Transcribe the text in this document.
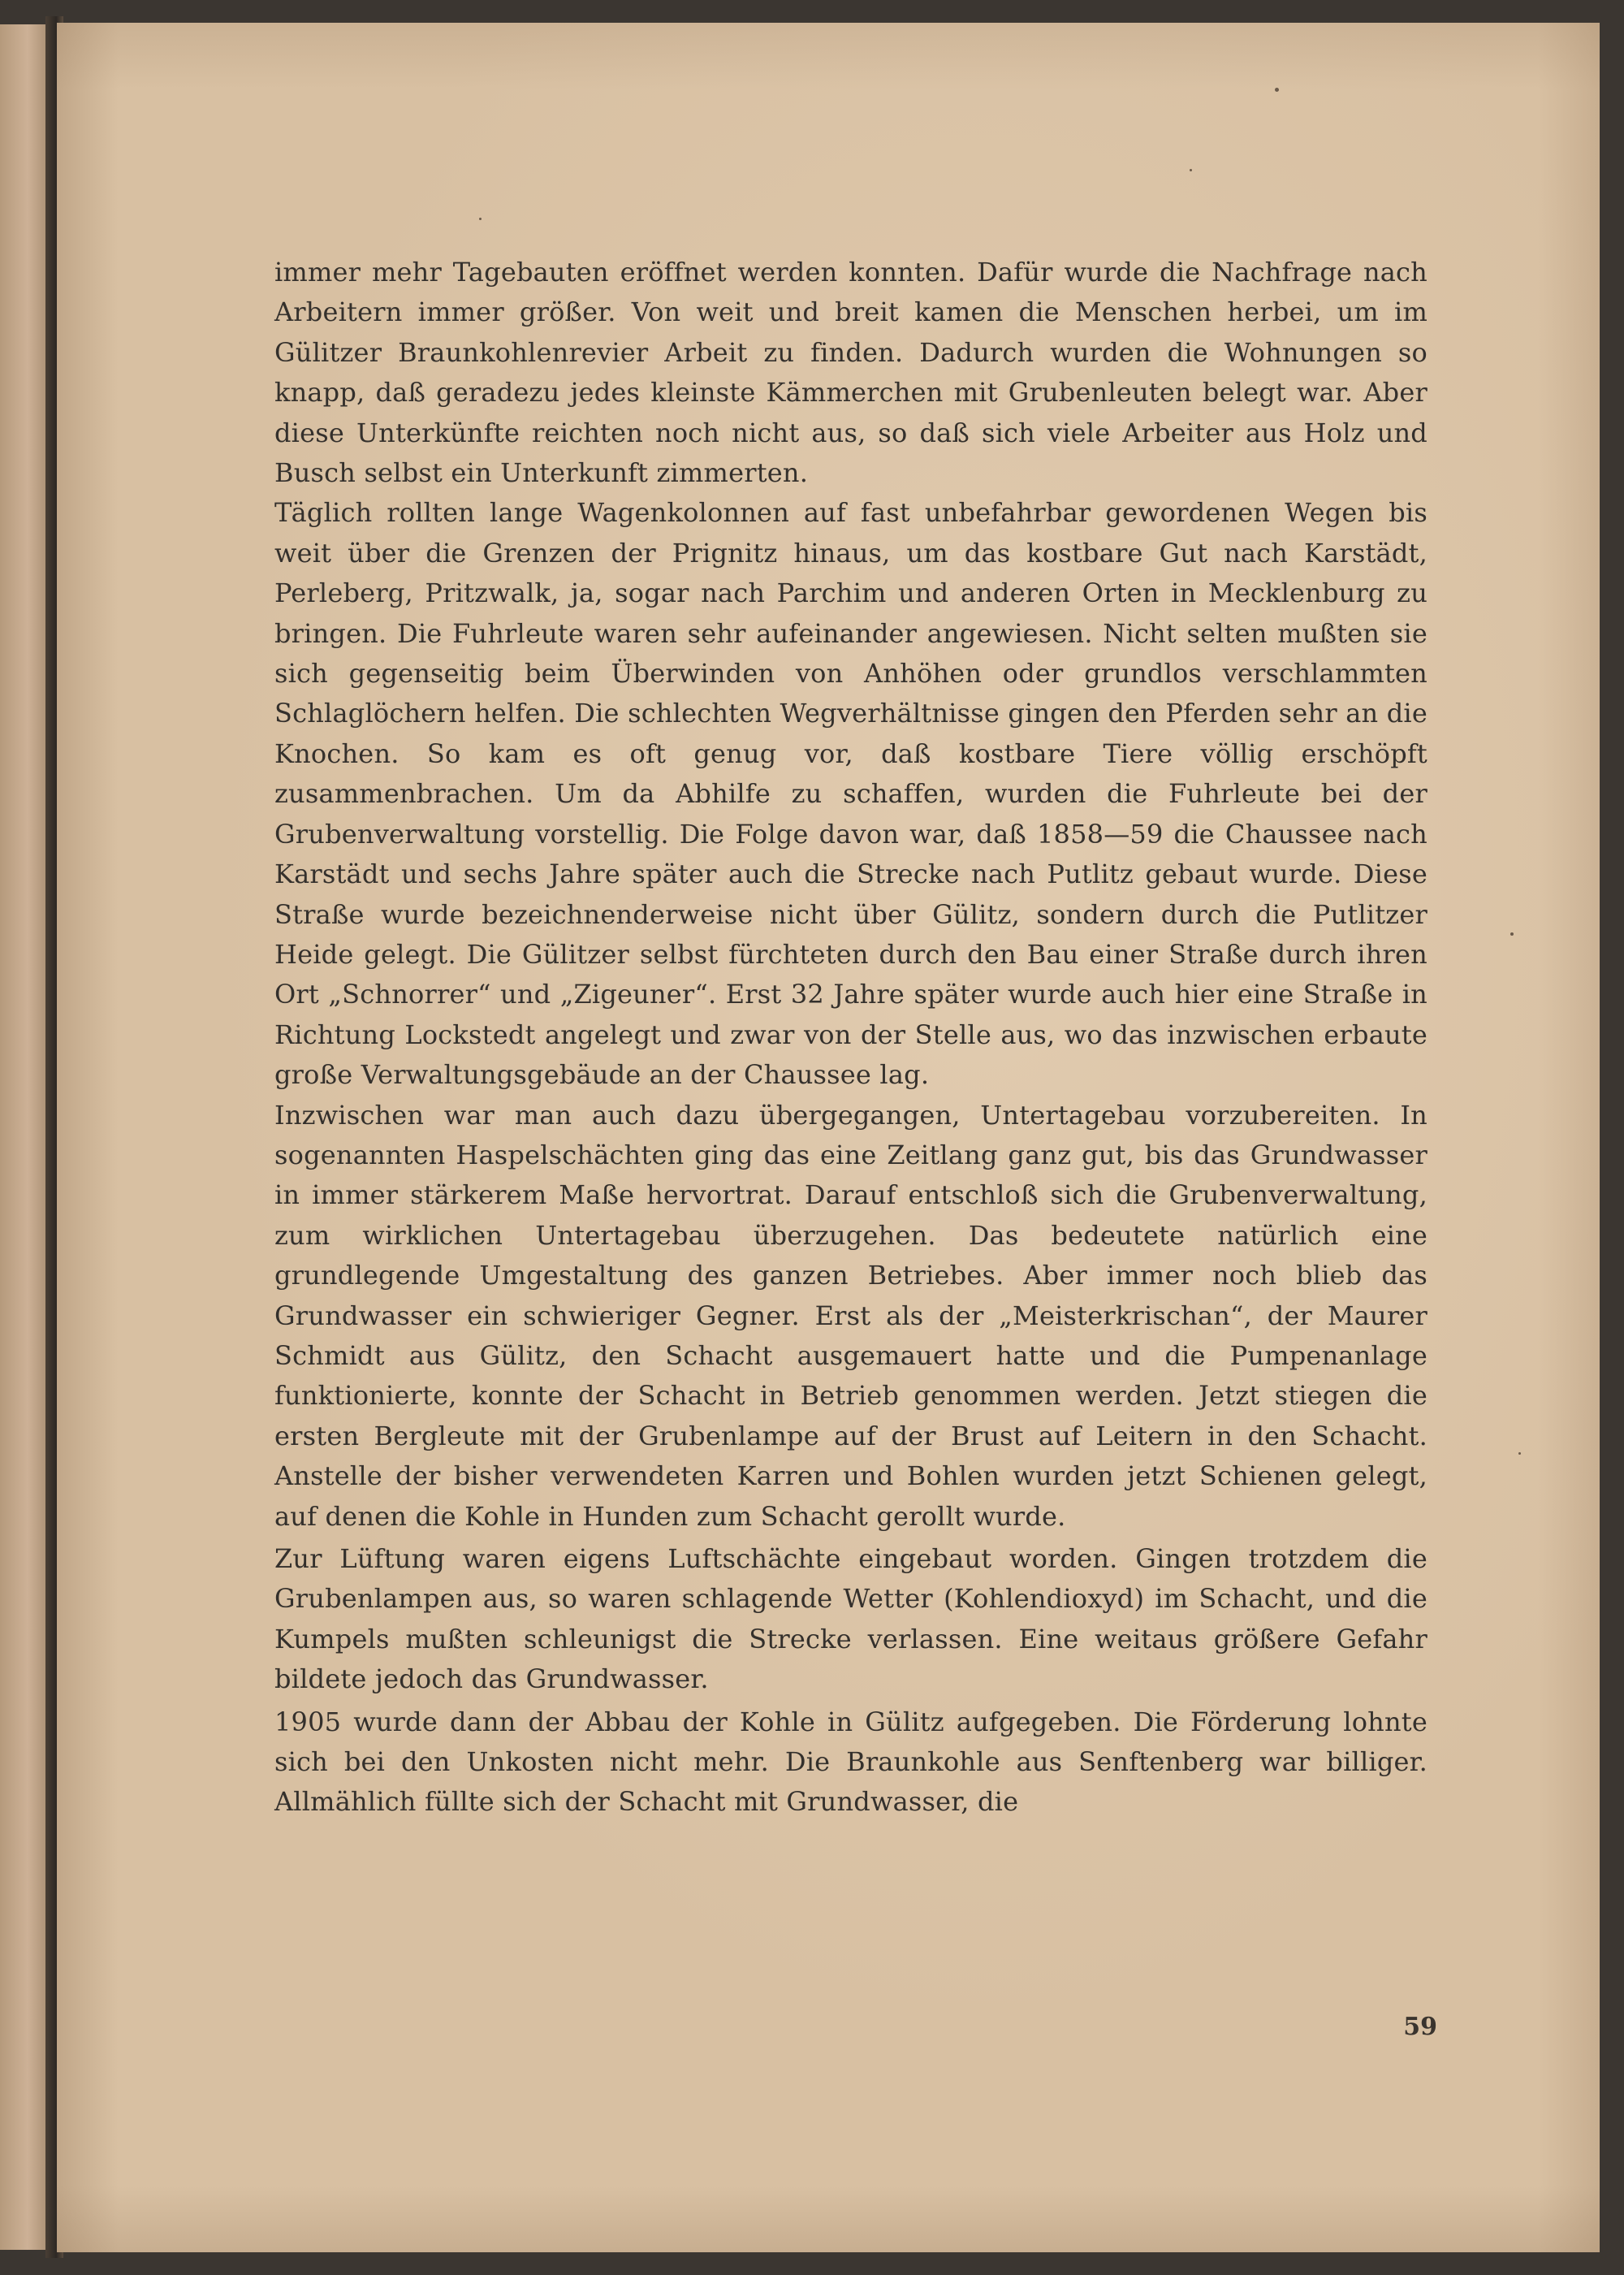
immer mehr Tagebauten eröffnet werden konnten. Dafür wurde die Nachfrage nach Arbeitern immer größer. Von weit und breit kamen die Menschen herbei, um im Gülitzer Braunkohlenrevier Arbeit zu finden. Dadurch wurden die Wohnungen so knapp, daß geradezu jedes kleinste Kämmerchen mit Grubenleuten belegt war. Aber diese Unterkünfte reichten noch nicht aus, so daß sich viele Arbeiter aus Holz und Busch selbst ein Unterkunft zimmerten.

Täglich rollten lange Wagenkolonnen auf fast unbefahrbar gewordenen Wegen bis weit über die Grenzen der Prignitz hinaus, um das kostbare Gut nach Karstädt, Perleberg, Pritzwalk, ja, sogar nach Parchim und anderen Orten in Mecklenburg zu bringen. Die Fuhrleute waren sehr aufeinander angewiesen. Nicht selten mußten sie sich gegenseitig beim Überwinden von Anhöhen oder grundlos verschlammten Schlaglöchern helfen. Die schlechten Wegverhältnisse gingen den Pferden sehr an die Knochen. So kam es oft genug vor, daß kostbare Tiere völlig erschöpft zusammenbrachen. Um da Abhilfe zu schaffen, wurden die Fuhrleute bei der Grubenverwaltung vorstellig. Die Folge davon war, daß 1858—59 die Chaussee nach Karstädt und sechs Jahre später auch die Strecke nach Putlitz gebaut wurde. Diese Straße wurde bezeichnenderweise nicht über Gülitz, sondern durch die Putlitzer Heide gelegt. Die Gülitzer selbst fürchteten durch den Bau einer Straße durch ihren Ort „Schnorrer“ und „Zigeuner“. Erst 32 Jahre später wurde auch hier eine Straße in Richtung Lockstedt angelegt und zwar von der Stelle aus, wo das inzwischen erbaute große Verwaltungsgebäude an der Chaussee lag.

Inzwischen war man auch dazu übergegangen, Untertagebau vorzubereiten. In sogenannten Haspelschächten ging das eine Zeitlang ganz gut, bis das Grundwasser in immer stärkerem Maße hervortrat. Darauf entschloß sich die Grubenverwaltung, zum wirklichen Untertagebau überzugehen. Das bedeutete natürlich eine grundlegende Umgestaltung des ganzen Betriebes. Aber immer noch blieb das Grundwasser ein schwieriger Gegner. Erst als der „Meisterkrischan“, der Maurer Schmidt aus Gülitz, den Schacht ausgemauert hatte und die Pumpenanlage funktionierte, konnte der Schacht in Betrieb genommen werden. Jetzt stiegen die ersten Bergleute mit der Grubenlampe auf der Brust auf Leitern in den Schacht. Anstelle der bisher verwendeten Karren und Bohlen wurden jetzt Schienen gelegt, auf denen die Kohle in Hunden zum Schacht gerollt wurde.

Zur Lüftung waren eigens Luftschächte eingebaut worden. Gingen trotzdem die Grubenlampen aus, so waren schlagende Wetter (Kohlendioxyd) im Schacht, und die Kumpels mußten schleunigst die Strecke verlassen. Eine weitaus größere Gefahr bildete jedoch das Grundwasser.

1905 wurde dann der Abbau der Kohle in Gülitz aufgegeben. Die Förderung lohnte sich bei den Unkosten nicht mehr. Die Braunkohle aus Senftenberg war billiger. Allmählich füllte sich der Schacht mit Grundwasser, die

59
